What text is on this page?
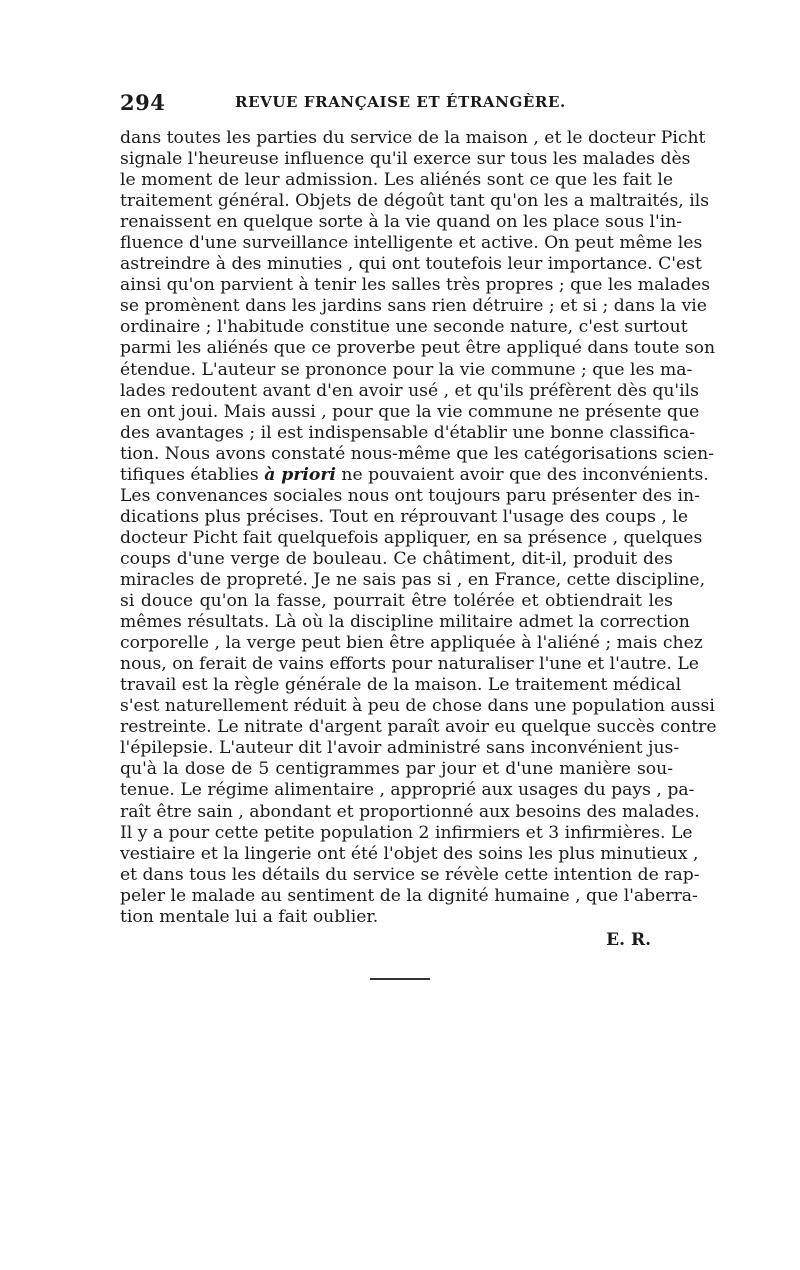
294	REVUE FRANÇAISE ET ÉTRANGÈRE.
dans toutes les parties du service de la maison , et le docteur Picht
signale l'heureuse influence qu'il exerce sur tous les malades dès
le moment de leur admission. Les aliénés sont ce que les fait le
traitement général. Objets de dégoût tant qu'on les a maltraités, ils
renaissent en quelque sorte à la vie quand on les place sous l'in-
fluence d'une surveillance intelligente et active. On peut même les
astreindre à des minuties , qui ont toutefois leur importance. C'est
ainsi qu'on parvient à tenir les salles très propres ; que les malades
se promènent dans les jardins sans rien détruire ; et si ; dans la vie
ordinaire ; l'habitude constitue une seconde nature, c'est surtout
parmi les aliénés que ce proverbe peut être appliqué dans toute son
étendue. L'auteur se prononce pour la vie commune ; que les ma-
lades redoutent avant d'en avoir usé , et qu'ils préfèrent dès qu'ils
en ont joui. Mais aussi , pour que la vie commune ne présente que
des avantages ; il est indispensable d'établir une bonne classifica-
tion. Nous avons constaté nous-même que les catégorisations scien-
tifiques établies à priori ne pouvaient avoir que des inconvénients.
Les convenances sociales nous ont toujours paru présenter des in-
dications plus précises. Tout en réprouvant l'usage des coups , le
docteur Picht fait quelquefois appliquer, en sa présence , quelques
coups d'une verge de bouleau. Ce châtiment, dit-il, produit des
miracles de propreté. Je ne sais pas si , en France, cette discipline,
si douce qu'on la fasse, pourrait être tolérée et obtiendrait les
mêmes résultats. Là où la discipline militaire admet la correction
corporelle , la verge peut bien être appliquée à l'aliéné ; mais chez
nous, on ferait de vains efforts pour naturaliser l'une et l'autre. Le
travail est la règle générale de la maison. Le traitement médical
s'est naturellement réduit à peu de chose dans une population aussi
restreinte. Le nitrate d'argent paraît avoir eu quelque succès contre
l'épilepsie. L'auteur dit l'avoir administré sans inconvénient jus-
qu'à la dose de 5 centigrammes par jour et d'une manière sou-
tenue. Le régime alimentaire , approprié aux usages du pays , pa-
raît être sain , abondant et proportionné aux besoins des malades.
Il y a pour cette petite population 2 infirmiers et 3 infirmières. Le
vestiaire et la lingerie ont été l'objet des soins les plus minutieux ,
et dans tous les détails du service se révèle cette intention de rap-
peler le malade au sentiment de la dignité humaine , que l'aberra-
tion mentale lui a fait oublier.
E. R.
